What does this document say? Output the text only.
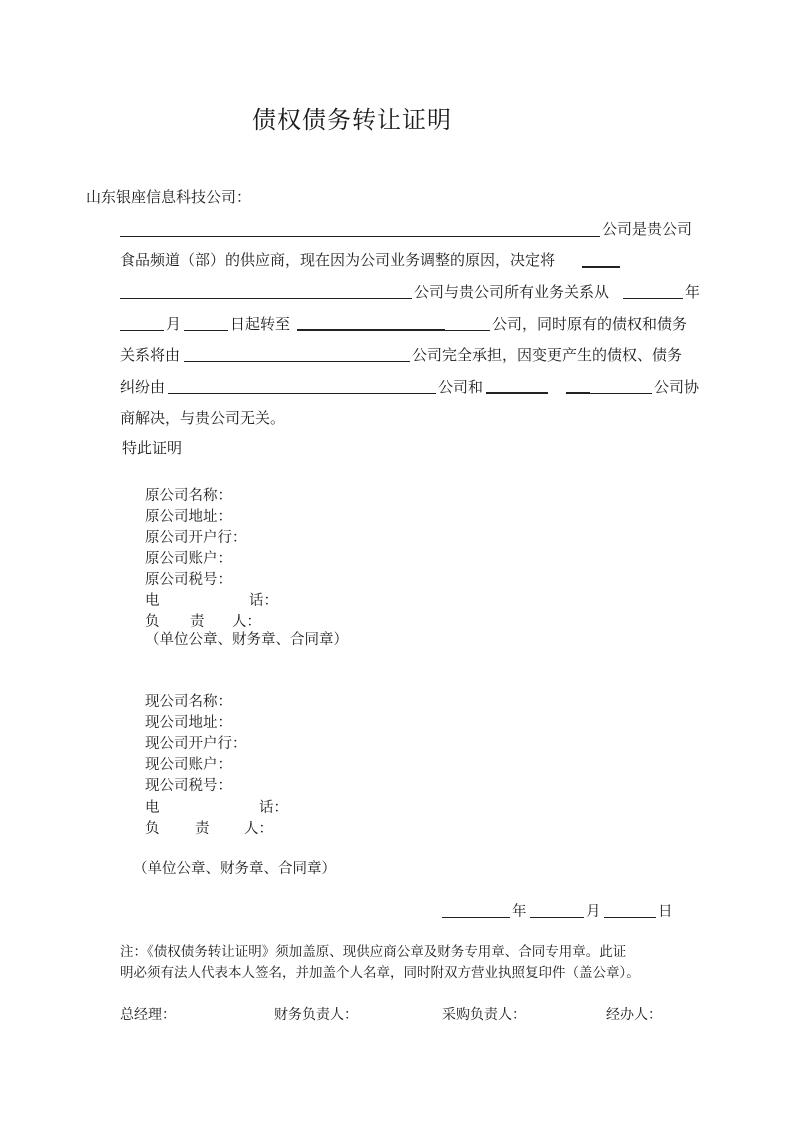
债权债务转让证明
山东银座信息科技公司：
公司是贵公司
食品频道（部）的供应商，现在因为公司业务调整的原因，决定将
公司与贵公司所有业务关系从	年
月	日起转至	公司，同时原有的债权和债务
关系将由	公司完全承担，因变更产生的债权、债务
纠纷由	公司和	公司协
商解决，与贵公司无关。
特此证明
原公司名称：
原公司地址：
原公司开户行：
原公司账户：
原公司税号：
电	话：
负 责 人：
（单位公章、财务章、合同章）
现公司名称：
现公司地址：
现公司开户行：
现公司账户：
现公司税号：
电	话：
负 责 人：
（单位公章、财务章、合同章）
年	月	日
注：《债权债务转让证明》须加盖原、现供应商公章及财务专用章、合同专用章。此证
明必须有法人代表本人签名，并加盖个人名章，同时附双方营业执照复印件（盖公章）。
总经理：	财务负责人：	采购负责人：	经办人：
